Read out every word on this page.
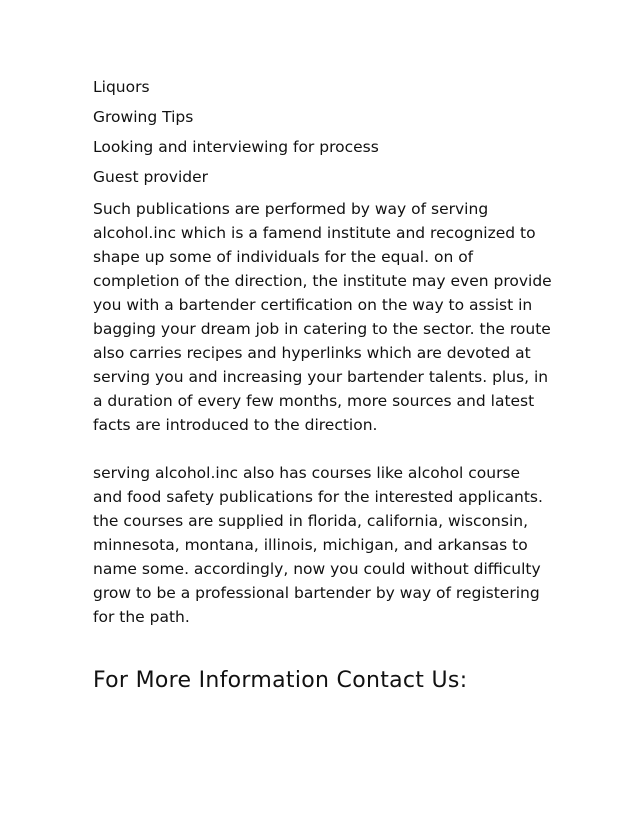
Liquors
Growing Tips
Looking and interviewing for process
Guest provider

Such publications are performed by way of serving alcohol.inc which is a famend institute and recognized to shape up some of individuals for the equal. on of completion of the direction, the institute may even provide you with a bartender certification on the way to assist in bagging your dream job in catering to the sector. the route also carries recipes and hyperlinks which are devoted at serving you and increasing your bartender talents. plus, in a duration of every few months, more sources and latest facts are introduced to the direction.

serving alcohol.inc also has courses like alcohol course and food safety publications for the interested applicants. the courses are supplied in florida, california, wisconsin, minnesota, montana, illinois, michigan, and arkansas to name some. accordingly, now you could without difficulty grow to be a professional bartender by way of registering for the path.

For More Information Contact Us:
